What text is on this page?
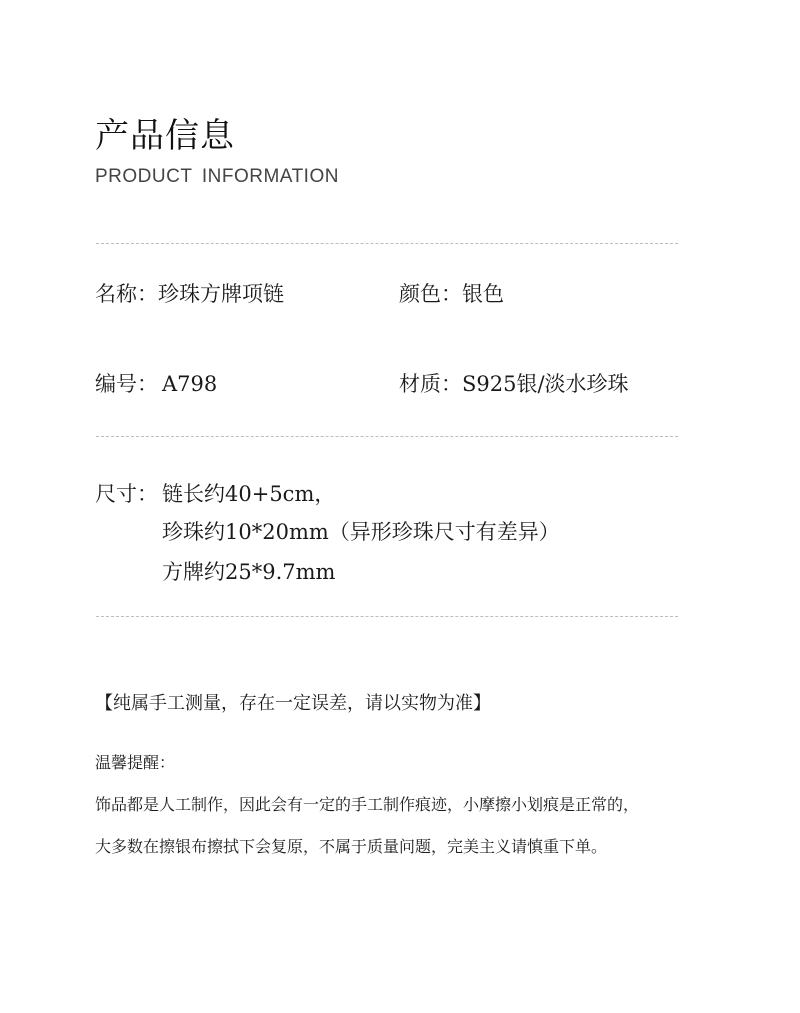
产品信息
PRODUCT INFORMATION
名称：珍珠方牌项链	颜色：银色
编号： A798	材质：S925银/淡水珍珠
尺寸： 链长约40+5cm，
珍珠约10*20mm（异形珍珠尺寸有差异）
方牌约25*9.7mm
【纯属手工测量，存在一定误差，请以实物为准】
温馨提醒：
饰品都是人工制作，因此会有一定的手工制作痕迹，小摩擦小划痕是正常的，
大多数在擦银布擦拭下会复原，不属于质量问题，完美主义请慎重下单。
